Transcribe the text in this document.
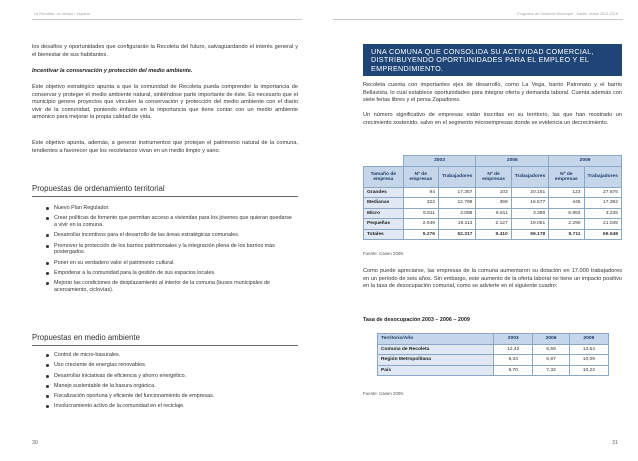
La Recoleta: un tiempo • espacio

los desafíos y oportunidades que configurarán la Recoleta del futuro, salvaguardando el interés general y el bienestar de sus habitantes.

Incentivar la conservación y protección del medio ambiente.

Este objetivo estratégico apunta a que la comunidad de Recoleta pueda comprender la importancia de conservar y proteger el medio ambiente natural, sintiéndose parte importante de éste. Es necesario que el municipio genere proyectos que vinculen la conservación y protección del medio ambiente con el diario vivir de la comunidad, poniendo énfasis en la importancia que tiene contar con un medio ambiente armónico para mejorar la propia calidad de vida.

Este objetivo apunta, además, a generar instrumentos que protejan el patrimonio natural de la comuna, tendientes a favorecer que los recoletanos vivan en un medio limpio y sano.

Propuestas de ordenamiento territorial
Nuevo Plan Regulador.
Crear políticas de fomento que permitan acceso a viviendas para los jóvenes que quieran quedarse a vivir en la comuna.
Desarrollar incentivos para el desarrollo de las áreas estratégicas comunales.
Promover la protección de los barrios patrimoniales y la integración plena de los barrios más postergados.
Poner en su verdadero valor el patrimonio cultural.
Empoderar a la comunidad para la gestión de sus espacios locales.
Mejorar las condiciones de desplazamiento al interior de la comuna (buses municipales de acercamiento, ciclovías).
Propuestas en medio ambiente
Control de micro-basurales.
Uso creciente de energías renovables.
Desarrollar iniciativas de eficiencia y ahorro energético.
Manejo sustentable de la basura orgánica.
Fiscalización oportuna y eficiente del funcionamiento de empresas.
Involucramiento activo de la comunidad en el reciclaje.
30
Programa de Gobierno Municipal · Daniel Jadue 2012-2016
UNA COMUNA QUE CONSOLIDA SU ACTIVIDAD COMERCIAL, DISTRIBUYENDO OPORTUNIDADES PARA EL EMPLEO Y EL EMPRENDIMIENTO.

Recoleta cuenta con importantes ejes de desarrollo, como La Vega, barrio Patronato y el barrio Bellavista, lo cual establece oportunidades para integrar oferta y demanda laboral. Cuenta además con siete ferias libres y el persa Zapadores.

Un número significativo de empresas están inscritas en su territorio, las que han mostrado un crecimiento sostenido, salvo en el segmento microempresas donde se evidencia un decrecimiento.

	2003		2006		2009	
Tamaño de empresa	Nº de empresas	Trabajadores	Nº de empresas	Trabajadores	Nº de empresas	Trabajadores
Grandes	94	17.357	103	20.161	123	27.876
Medianas	322	12.799	369	16.577	445	17.392
Micro	6.811	3.088	6.811	3.389	6.853	3.235
Pequeñas	2.049	19.113	2.127	19.051	2.290	21.045
Totales	9.276	52.317	9.410	59.178	9.711	69.548
Fuente: Casen 2009.

Como puede apreciarse, las empresas de la comuna aumentaron su dotación en 17.000 trabajadores en un período de seis años. Sin embargo, este aumento de la oferta laboral no tiene un impacto positivo en la tasa de desocupación comunal, como se advierte en el siguiente cuadro:

Tasa de desocupación 2003 – 2006 – 2009
Territorio/Año	2003	2006	2009
Comuna de Recoleta	12,42	6,59	13,64
Región Metropolitana	9,34	6,97	10,09
País	9,70	7,32	10,22
Fuente: Casen 2009.
31
